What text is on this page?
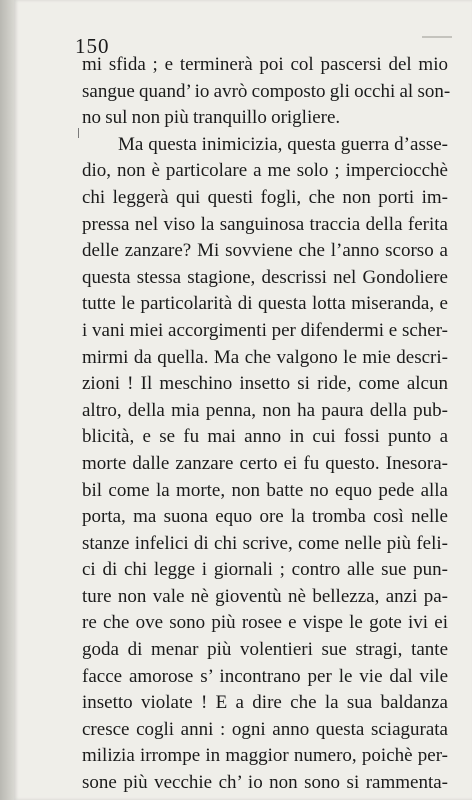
150
mi sfida ; e terminerà poi col pascersi del mio
sangue quand’ io avrò composto gli occhi al son-
no sul non più tranquillo origliere.
Ma questa inimicizia, questa guerra d’asse-
dio, non è particolare a me solo ; imperciocchè
chi leggerà qui questi fogli, che non porti im-
pressa nel viso la sanguinosa traccia della ferita
delle zanzare? Mi sovviene che l’anno scorso a
questa stessa stagione, descrissi nel Gondoliere
tutte le particolarità di questa lotta miseranda, e
i vani miei accorgimenti per difendermi e scher-
mirmi da quella. Ma che valgono le mie descri-
zioni ! Il meschino insetto si ride, come alcun
altro, della mia penna, non ha paura della pub-
blicità, e se fu mai anno in cui fossi punto a
morte dalle zanzare certo ei fu questo. Inesora-
bil come la morte, non batte no equo pede alla
porta, ma suona equo ore la tromba così nelle
stanze infelici di chi scrive, come nelle più feli-
ci di chi legge i giornali ; contro alle sue pun-
ture non vale nè gioventù nè bellezza, anzi pa-
re che ove sono più rosee e vispe le gote ivi ei
goda di menar più volentieri sue stragi, tante
facce amorose s’ incontrano per le vie dal vile
insetto violate ! E a dire che la sua baldanza
cresce cogli anni : ogni anno questa sciagurata
milizia irrompe in maggior numero, poichè per-
sone più vecchie ch’ io non sono si rammenta-
